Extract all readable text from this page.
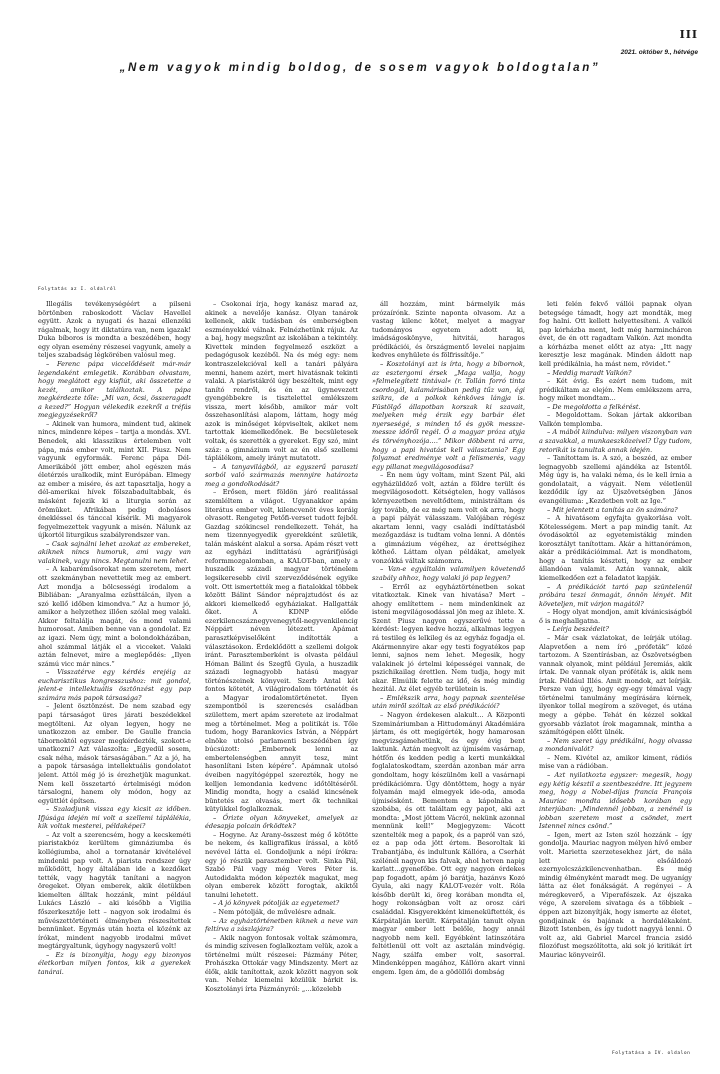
III
2021. október 9., hétvége
„Nem vagyok mindig boldog, de sosem vagyok boldogtalan”
Folytatás az I. oldalról

Illegális tevékenységéért a pilseni börtönben raboskodott Václav Havellel együtt. Azok a nyugati és hazai ellenzéki rágalmak, hogy itt diktatúra van, nem igazak! Duka bíboros is mondta a beszédében, hogy egy olyan esemény részesei vagyunk, amely a teljes szabadság légkörében valósul meg.

– Ferenc pápa viccelődéseit már-már legendaként emlegetik. Korábban olvastam, hogy meglátott egy kisfiút, aki összetette a kezét, amikor találkoztak. A pápa megkérdezte tőle: „Mi van, öcsi, összeragadt a kezed?” Hogyan vélekedik ezekről a tréfás megjegyzésekről?

– Akinek van humora, mindent tud, akinek nincs, mindenre képes – tartja a mondás. XVI. Benedek, aki klasszikus értelemben volt pápa, más ember volt, mint XII. Piusz. Nem vagyunk egyformák. Ferenc pápa Dél-Amerikából jött ember, ahol egészen más életérzés uralkodik, mint Európában. Elmegy az ember a misére, és azt tapasztalja, hogy a dél-amerikai hívek fölszabadultabbak, és másként fejezik ki a liturgia során az örömüket. Afrikában pedig dobolásos énekléssel és tánccal kísérik. Mi magyarok fegyelmezettek vagyunk a misén. Nálunk az újkortól liturgikus szabályrendszer van.

– Csak sajnálni lehet azokat az embereket, akiknek nincs humoruk, ami vagy van valakinek, vagy nincs. Megtanulni nem lehet.

– A kabaréműsorokat nem szeretem, mert ott szekmányban nevettetik meg az embert. Azt mondja a bölcsességi irodalom a Bibliában: „Aranyalma ezüsttálcán, ilyen a szó kellő időben kimondva.” Az a humor jó, amikor a helyzethez illően szólal meg valaki. Akkor feltalálja magát, és mond valami humorosat. Amiben benne van a gondolat. Ez az igazi. Nem úgy, mint a bolondokházában, ahol számmal látják el a vicceket. Valaki aztán felnevet, mire a meglepődés: „Ilyen számú vicc már nincs.”

– Visszatérve egy kérdés erejéig az eucharisztikus kongresszushoz: mit gondol, jelent-e intellektuális ösztönzést egy pap számára más papok társasága?

– Jelent ösztönzést. De nem szabad egy papi társaságot üres járati beszédekkel megtölteni. Az olyan legyen, hogy ne unatkozzon az ember. De Gaulle francia tábornoktól egyszer megkérdezték, szokott-e unatkozni? Azt válaszolta: „Egyedül sosem, csak néha, mások társaságában.” Az a jó, ha a papok társasága intellektuális gondolatot jelent. Attól még jó is érezhetjük magunkat. Nem kell összetartó értelmiségi módon társalogni, hanem oly módon, hogy az együttlét építsen.

– Szaladjunk vissza egy kicsit az időben. Ifjúsága idején mi volt a szellemi táplálékia, kik voltak mesterei, példaképei?

– Az volt a szerencsém, hogy a kecskeméti piaristakbóz kerültem gimnáziumba és kollégiumba, ahol a tornatanár kivételével mindenki pap volt. A piarista rendszer úgy működött, hogy általában ide a kezdőket tették, vagy hagyták tanítani a nagyon öregeket. Olyan emberek, akik életükben kiemelten álltak hozzánk, mint például Lukács László – aki később a Vigilia főszerkesztője lett – nagyon sok irodalmi és művészettörténeti élményben részesítettek bennünket. Egymás után hozta el közénk az írókat, mindent nagyobb irodalmi művet megtárgyaltunk, úgyhogy nagyszerű volt!

– Ez is bizonyítja, hogy egy bizonyos életkorban milyen fontos, kik a gyerekek tanárai.

– Csokonai írja, hogy kanász marad az, akinek a nevelője kanász. Olyan tanárok kellenek, akik tudásban és emberségben eszményekké válnak. Felnézhetünk rájuk. Az a baj, hogy megszűnt az iskolában a tekintély. Kivettek minden fegyelmező eszközt a pedagógusok kezéből. Na és még egy: nem kontraszelekcióval kell a tanári pályára menni, hanem azért, mert hivatásnak tekinti valaki. A piaristákról úgy beszéltek, mint egy tanító rendről, és én az ügynevezett gyengébbekre is tisztelettel emlékszem vissza, mert később, amikor már volt összehasonlítási alapom, láttam, hogy még azok is minőséget képviseltek, akiket nem tartottak kiemelkedőnek. Be becsületesek voltak, és szerették a gyereket. Egy szó, mint száz: a gimnázium volt az én első szellemi táplálékom, amely irányt mutatott.

– A tanyavilágból, az egyszerű paraszti sorból való származás mennyire határozta meg a gondolkodását?

– Erősen, mert földön járó realitással szemléltem a világot. Ugyanakkor apám literátus ember volt, kilencvenöt éves koráig olvasott. Rengeteg Petőfi-verset tudott fejből. Gazdag szókincsel rendelkezett. Tehát, ha nem tizennyegyedik gyerekként születik, talán másként alakul a sorsa. Apám részt vett az egyházi indíttatású agrárifjúsági reformmozgalomban, a KALOT-ban, amely a huszadik századi magyar történelem legsikeresebb civil szerveződésének egyike volt. Ott ismertették meg a fiatalokkal többek között Bálint Sándor néprajztudóst és az akkori kiemelkedő egyháziakat. Hallgatták őket. A KDNP előde ezerkilencszáznegyvenegytől-negyvenkilencig Néppárt néven létezett. Apámat parasztképviselőként indították a választásokon. Érdeklődött a szellemi dolgok iránt. Parasztemberként is olvasta például Hóman Bálint és Szegfű Gyula, a huszadik századi legnagyobb hatású magyar történészeinek könyveit. Szerb Antal két fontos kötetét, A világirodalom történetét és a Magyar irodalomtörténetet. Ilyen szempontból is szerencsés családban születtem, mert apám szeretete az irodalmat meg a történelmet. Meg a politikát is. Tőle tudom, hogy Barankovics István, a Néppárt elnöke utolsó parlamenti beszédében így búcsúzott: „Embernek lenni az embertelenségben annyit tesz, mint hasonlítani Isten képére”. Apámnak utolsó éveiben nagyítógéppel szerezték, hogy ne kelljen lemondania kedvenc időtöltéséről. Mindig mondta, hogy a család kincsének büntetés az olvasás, mert ők technikai kütyükkel foglalkoznak.

– Őrizte olyan könyveket, amelyek az édesapja polcain őrködtek?

– Hogyne. Az Arany-összest még ő kötötte be nekem, és kalligrafikus írással, a kötő nevével látta el. Gondoljunk a népi írókra: egy jó részük parasztember volt. Sinka Pál, Szabó Pál vagy még Veres Péter is. Autodidakta módon képezték magukat, meg olyan emberek között forogtak, akiktől tanulni lehetett.

– A jó könyvek pótolják az egyetemet?

– Nem pótolják, de művelésre adnak.

– Az egyháztörténetben kiknek a neve van feltírva a zászlajára?

– Akik nagyon fontosak voltak számomra, és mindig szívesen foglalkoztam velük, azok a történelmi múlt részesei: Pázmány Péter, Prohászka Ottokár vagy Mindszenty. Mert az élők, akik tanítottak, azok között nagyon sok van. Nehéz kiemelni közülük bárkit is. Kosztolányi írta Pázmányról: „…közelebb

áll hozzám, mint bármelyik más prózaírónk. Szinte naponta olvasom. Az a vastag kilenc kötet, melyet a magyar tudományos egyetem adott ki, imádságoskönyve, hitvitái, haragos prédikációi, és örszágmentő levelei napjaim kedves enyhülete és fölfrissítője.”

– Kosztolányi azt is írta, hogy a bíbornok, az esztergomi érsek „Maga vallja, hogy »felmelegített tintával« (r. Tollán forró tinta csordogál, kalamárisában pedig tűz van, égi szikra, de a polkok kénköves lángja is. Füstölgő állapotban korszak ki szavait, melyeken még érzik egy barbár élet nyerseségé, s minden tő és gyök messze-messze időről regél. Ő a magyar próza atyja és törvényhozója….” Mikor döbbent rá arra, hogy a papi hivatást kell választania? Egy folyamat eredménye volt a felismerés, vagy egy pillanat megvilágosodása?

– Én nem úgy voltam, mint Szent Pál, aki egyházüldöző volt, aztán a földre terült és megvilágosodott. Kétségtelen, hogy vallásos környezetben neveltődtem, ministráltam és így tovább, de ez még nem volt ok arra, hogy a papi pályát válasszam. Valójában régész akartam lenni, vagy családi indíttatásból mezőgazdász is tudtam volna lenni. A döntés a gimnázium végéhez, az érettségihez kötheő. Láttam olyan példákat, amelyek vonzókká váltak számomra.

– Van-e egyáltalán valamilyen követendő szabály ahhoz, hogy valaki jó pap legyen?

– Erről az egyháztörténetben sokat vitatkoztak. Kinek van hivatása? Mert – ahogy említettem – nem mindenkinek az isteni megvilágosodással jön meg az ihlete. X. Szent Piusz nagyon egyszerűvé tette a kérdést: legyen kedve hozzá, alkalmas legyen rá testileg és lelkileg és az egyház fogadja el. Akármennyire akar egy testi fogyatékos pap lenni, sajnos nem lehet. Megesik, hogy valakinek jó értelmi képességei vannak, de pszichikailag érettlen. Nem tudja, hogy mit akar. Elmúlik felette az idő, és még mindig hezitál. Az élet egyéb területein is.

– Emlékszik arra, hogy papnak szentelése után mirõl szóltak az első prédikációi?

– Nagyon érdekesen alakult… A Központi Szemináriumban a Hittudományi Akadémiára jártam, és ott megígérték, hogy hamarosan megvizsgámehetünk, és egy évig bent laktunk. Aztán megvolt az újmisém vasárnap, hétfőn és kedden pedig a kerti munkákkal foglalatoskodtam, szerdán azonban már arra gondoltam, hogy készülnöm kell a vasárnapi prédikációmra. Úgy döntöttem, hogy a nyár folyamán majd elmegyek ide-oda, amoda újmisésként. Bementem a kápolnába a szobába, és ott találtam egy papot, aki azt mondta: „Most jöttem Vácról, nekünk azonnal mennünk kell!” Megjegyzem: Vácott szentelték meg a papok, és a papról van szó, ez a pap oda jött értem. Besoroltak ki Trabantjába, és indultunk Kállóra, a Cserhát szélénél nagyon kis falvak, ahol hetven napig karlatt…gyenefőbe. Ott egy nagyon érdekes pap fogadott, apám jó barátja, hazánvs Kozó Gyula, aki nagy KALOT-vezér volt. Róla később derült ki, öreg korában mondta el, hogy rokonságban volt az orosz cári családdal. Kisgyerekként kimeneküftették, és Kárpátalján került. Kárpátalján tanult olyan magyar ember lett belőle, hogy annál nagyobb nem kell. Egyébként latinszótára feltétlenül ott volt az asztalán mindvégig. Nagy, szálfa ember volt, sasorral. Mindenképpen magához, Kállóra akart vinni engem. Igen ám, de a gödöllői dombság

leti felén fekvő vállói papnak olyan betegsége támadt, hogy azt mondták, meg fog halni. Ott kellett helyettesíteni. A valkói pap kórházba ment, ledt még harmincháron évet, de én ott ragadtam Valkón. Azt mondta a kórházba menet előtt az atya: „Itt nagy keresztje lesz magának. Minden áldott nap kell prédikálnia, ha mást nem, rövidet.”

– Meddig maradt Valkón?

– Két évig. És ezért nem tudom, mit prédikáltam az elején. Nem emlékszem arra, hogy miket mondtam…

– De megoldotta a felkérést.

– Megoldottam. Sokan jártak akkoriban Valkón templomba.

– A mából kiindulva: milyen viszonyban van a szavakkal, a munkaeszközeivel? Úgy tudom, retorikát is tanultak annak idején.

– Tanítottam is. A szó, a beszéd, az ember legnagyobb szellemi ajándéka az Istentől. Még úgy is, ha valaki néma, és le kell írnia a gondolatait, a vágyait. Nem véletlenül kezdődik így az Újszövetségben János evangéliuma: „Kezdetben volt az Ige.”

– Mit jelentett a tanítás az ön számára?

– A hivatásom egyfajta gyakorlása volt. Kötelességem. Mert a pap mindig tanít. Az óvodásoktól az egyetemistákig minden korosztályt tanítottam. Akár a hittanórámon, akár a prédikációimmal. Azt is mondhatom, hogy a tanítás készteti, hogy az ember állandóan valamit. Aztán vannak, akik kiemelkedően ezt a feladatot kapják.

– A prédikációt tartó pap szüntelenül próbára teszi önmagát, önnön lényét. Mit követeljen, mit várjon magától?

– Hogy olyat mondjon, amit kívánicsiságból ő is meghallgatna.

– Leírja beszédeit?

– Már csak vázlatokat, de leírják utólag. Alapvetően a nem író „prófeták” közé tartozom. A Szentírásban, az Ószövetségben vannak olyanok, mint például Jeremiás, akik írtak. De vannak olyan próféták is, akik nem írtak. Például Illés. Amit mondok, azt leírják. Persze van úgy, hogy egy-egy témával vagy történelmi tanulmány megírására kérnek, ilyenkor tollal megírom a szöveget, és utána megy a gépbe. Tehát én kézzel sokkal gyorsabb vázlatot írok magamnak, mintha a számítógépen előtt ülnék.

– Nem szeret úgy prédikálni, hogy olvassa a mondanivalót?

– Nem. Kivétel az, amikor kiment, rádiós mise van a rádióban.

– Azt nyilatkozta egyszer: megesik, hogy egy kétig késztil a szentbeszédre. Itt jegyzem meg, hogy a Nobel-díjas francia François Mauriac mondta idősebb korában egy interjúban: „Mindennél jobban, a zenénél is jobban szeretem most a csöndet, mert Istennel nincs csönd.”

– Igen, mert az Isten szól hozzánk – így gondolja. Mauriac nagyon mélyen hívő ember volt. Marietta szerzetesekhez járt, de nála lett elsőáldozó ezernyolcszázkilencvenhatban. És még mindig élményként maradt meg. De ugyanígy látta az élet fonákságát. A regényei – A méregkeverő, a Viperafészek. Az éjszaka vége, A szerelem sivataga és a többiek – éppen azt bizonyítják, hogy ismerte az életet, gondjainak és bajának a hordalékaként. Bizott Istenben, és így tudott nagyyá lenni. Ő volt az, aki Gabriel Marcel francia zsidó filozófust megszólította, aki sok jó kritikát írt Mauriac könyveiről.

Folytatása a IV. oldalon
